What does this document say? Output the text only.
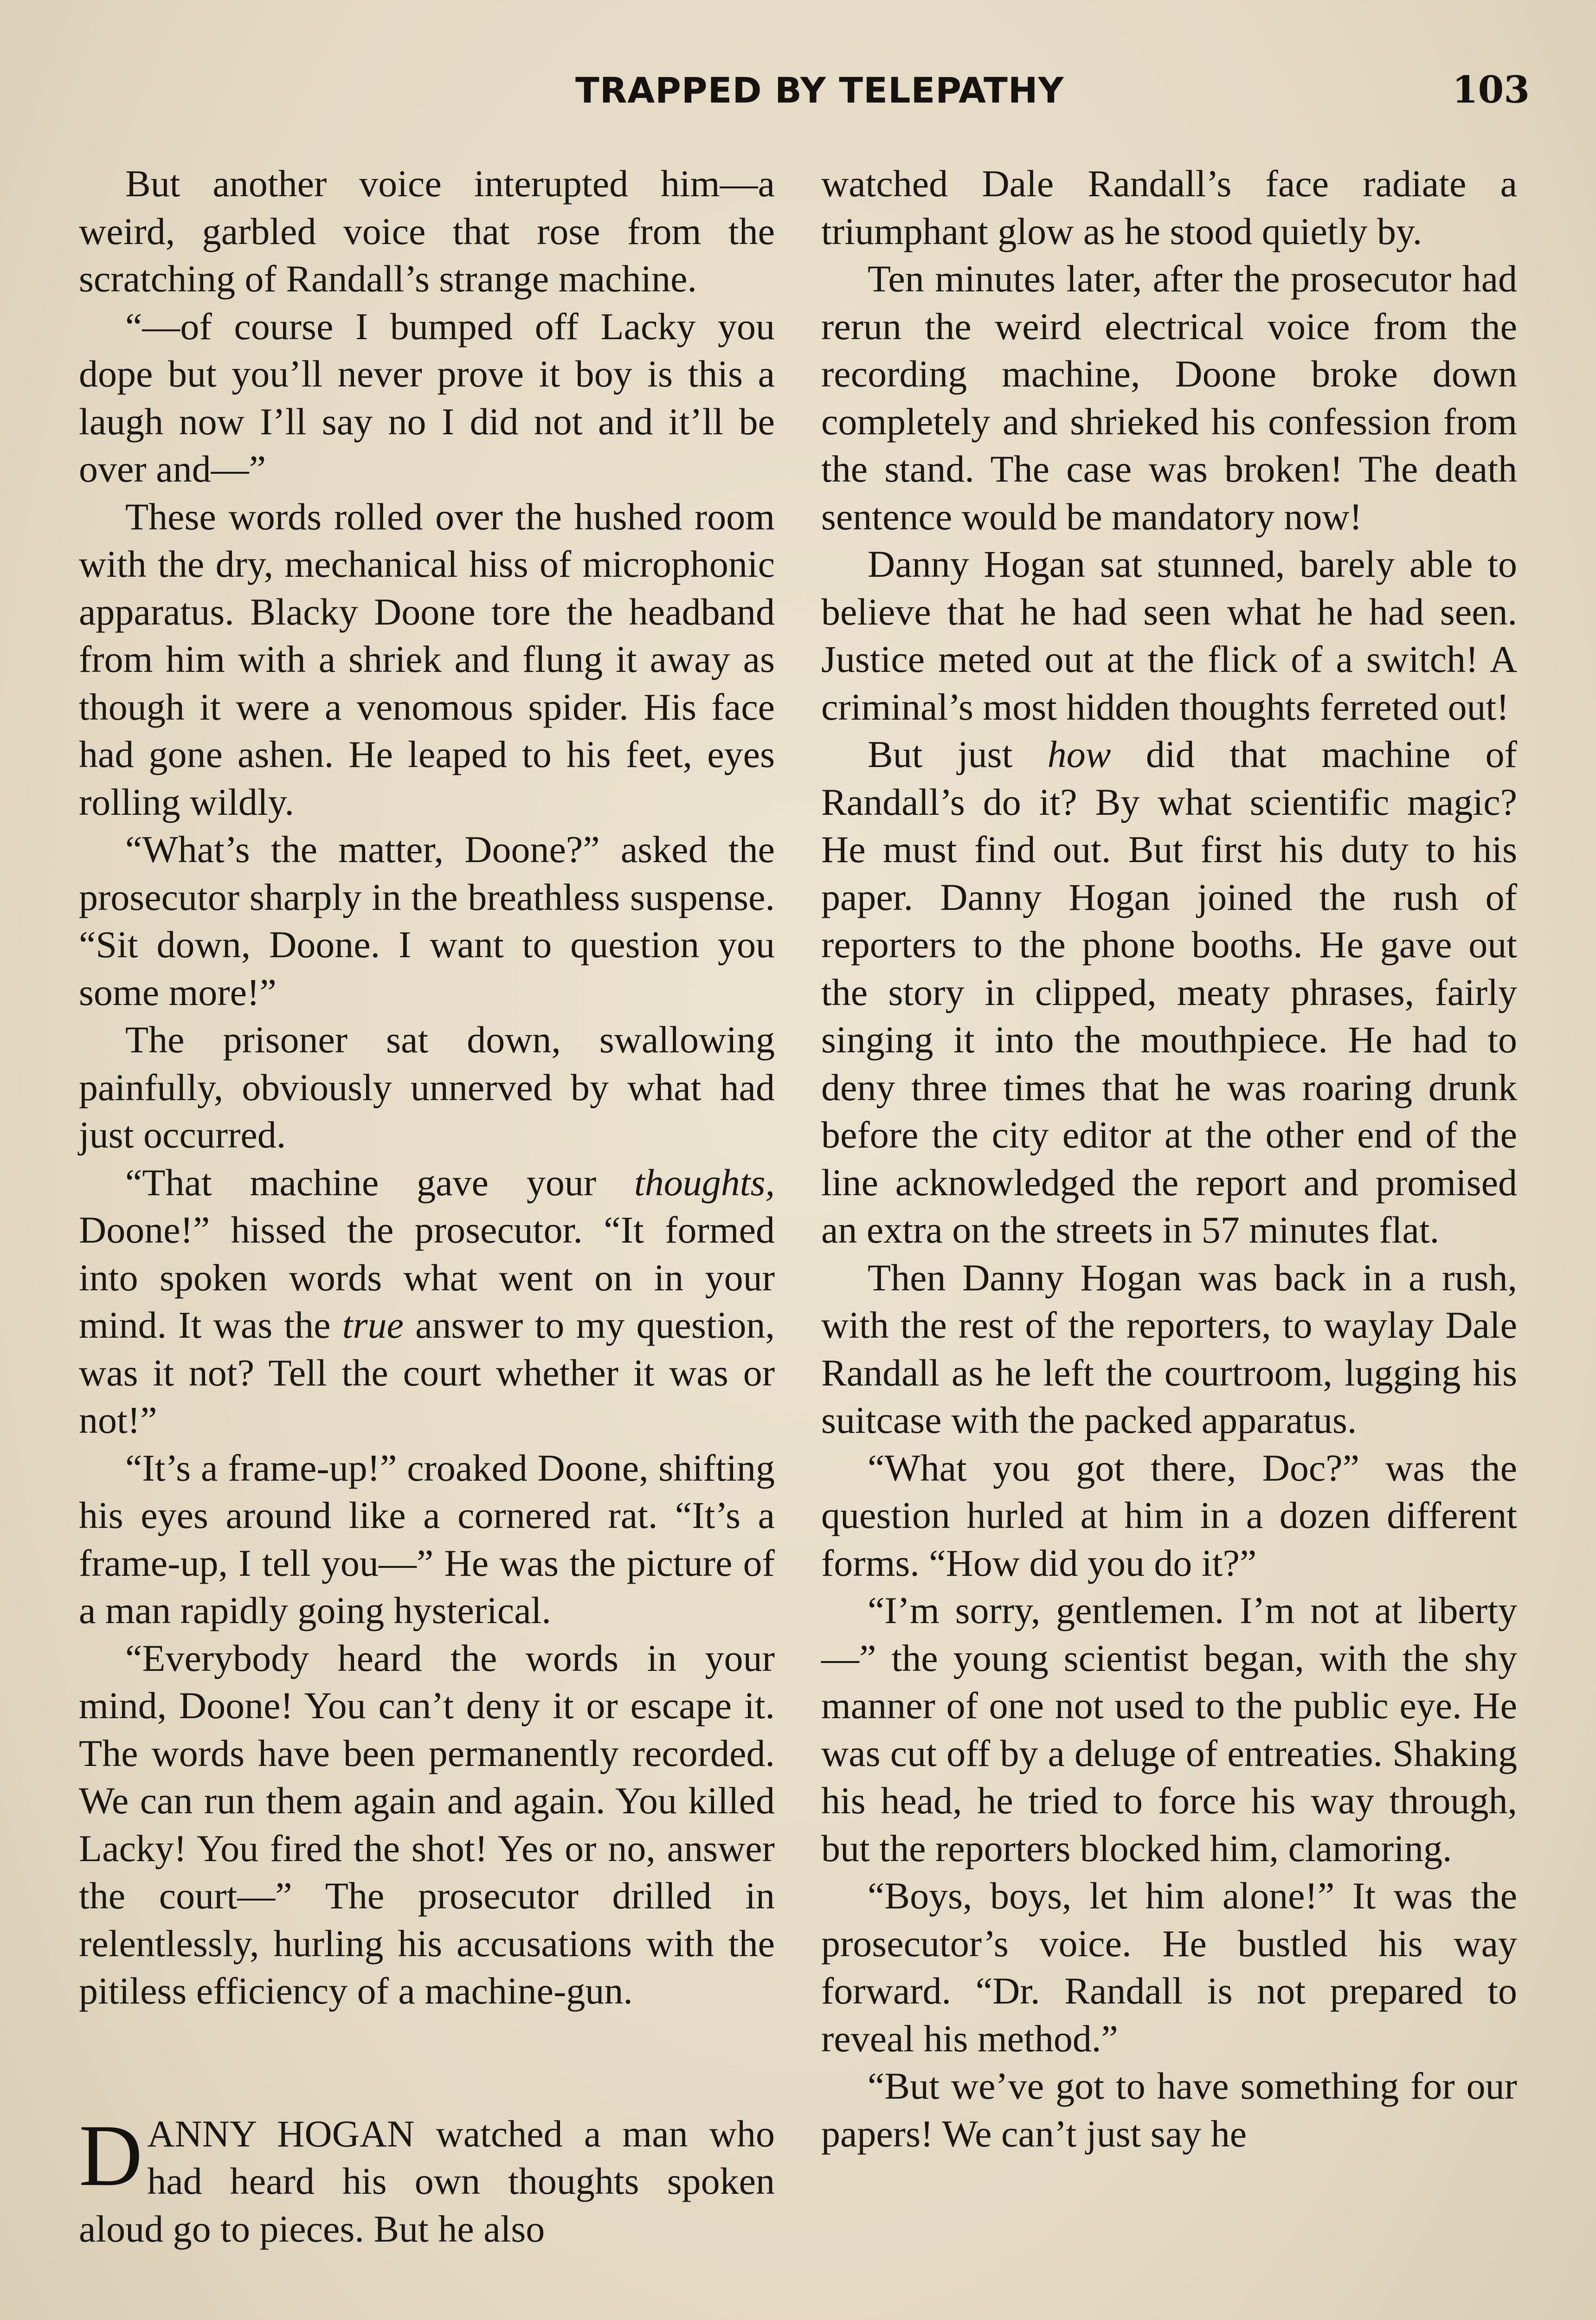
TRAPPED BY TELEPATHY	103

But another voice interupted him—a weird, garbled voice that rose from the scratching of Randall’s strange machine.

“—of course I bumped off Lacky you dope but you’ll never prove it boy is this a laugh now I’ll say no I did not and it’ll be over and—”

These words rolled over the hushed room with the dry, mechanical hiss of microphonic apparatus. Blacky Doone tore the headband from him with a shriek and flung it away as though it were a venomous spider. His face had gone ashen. He leaped to his feet, eyes rolling wildly.

“What’s the matter, Doone?” asked the prosecutor sharply in the breathless suspense. “Sit down, Doone. I want to question you some more!”

The prisoner sat down, swallowing painfully, obviously unnerved by what had just occurred.

“That machine gave your thoughts, Doone!” hissed the prosecutor. “It formed into spoken words what went on in your mind. It was the true answer to my question, was it not? Tell the court whether it was or not!”

“It’s a frame-up!” croaked Doone, shifting his eyes around like a cornered rat. “It’s a frame-up, I tell you—” He was the picture of a man rapidly going hysterical.

“Everybody heard the words in your mind, Doone! You can’t deny it or escape it. The words have been permanently recorded. We can run them again and again. You killed Lacky! You fired the shot! Yes or no, answer the court—” The prosecutor drilled in relentlessly, hurling his accusations with the pitiless efficiency of a machine-gun.

DANNY HOGAN watched a man who had heard his own thoughts spoken aloud go to pieces. But he also

watched Dale Randall’s face radiate a triumphant glow as he stood quietly by.

Ten minutes later, after the prosecutor had rerun the weird electrical voice from the recording machine, Doone broke down completely and shrieked his confession from the stand. The case was broken! The death sentence would be mandatory now!

Danny Hogan sat stunned, barely able to believe that he had seen what he had seen. Justice meted out at the flick of a switch! A criminal’s most hidden thoughts ferreted out!

But just how did that machine of Randall’s do it? By what scientific magic? He must find out. But first his duty to his paper. Danny Hogan joined the rush of reporters to the phone booths. He gave out the story in clipped, meaty phrases, fairly singing it into the mouthpiece. He had to deny three times that he was roaring drunk before the city editor at the other end of the line acknowledged the report and promised an extra on the streets in 57 minutes flat.

Then Danny Hogan was back in a rush, with the rest of the reporters, to waylay Dale Randall as he left the courtroom, lugging his suitcase with the packed apparatus.

“What you got there, Doc?” was the question hurled at him in a dozen different forms. “How did you do it?”

“I’m sorry, gentlemen. I’m not at liberty—” the young scientist began, with the shy manner of one not used to the public eye. He was cut off by a deluge of entreaties. Shaking his head, he tried to force his way through, but the reporters blocked him, clamoring.

“Boys, boys, let him alone!” It was the prosecutor’s voice. He bustled his way forward. “Dr. Randall is not prepared to reveal his method.”

“But we’ve got to have something for our papers! We can’t just say he
